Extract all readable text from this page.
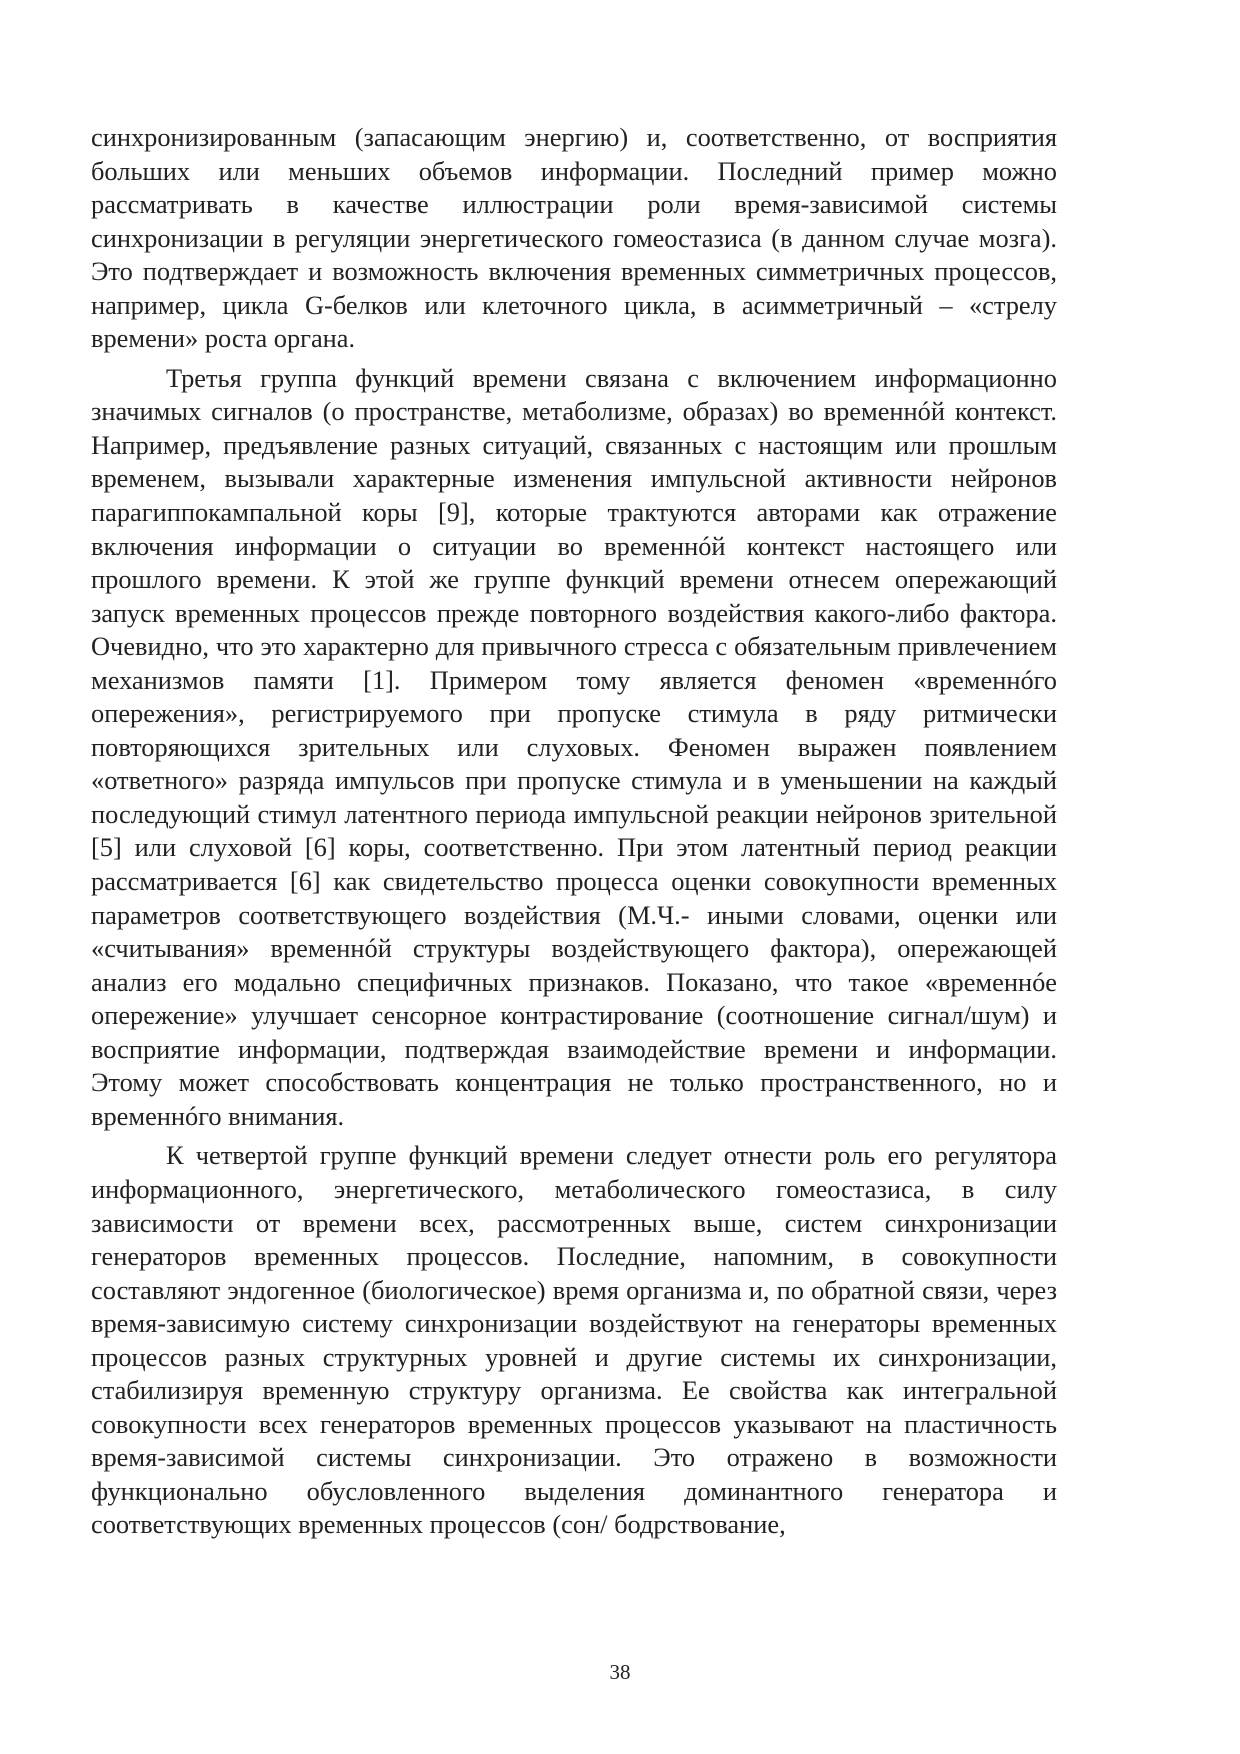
синхронизированным (запасающим энергию) и, соответственно, от восприятия больших или меньших объемов информации. Последний пример можно рассматривать в качестве иллюстрации роли время-зависимой системы синхронизации в регуляции энергетического гомеостазиса (в данном случае мозга). Это подтверждает и возможность включения временных симметричных процессов, например, цикла G-белков или клеточного цикла, в асимметричный – «стрелу времени» роста органа.

Третья группа функций времени связана с включением информационно значимых сигналов (о пространстве, метаболизме, образах) во временнóй контекст. Например, предъявление разных ситуаций, связанных с настоящим или прошлым временем, вызывали характерные изменения импульсной активности нейронов парагиппокампальной коры [9], которые трактуются авторами как отражение включения информации о ситуации во временнóй контекст настоящего или прошлого времени. К этой же группе функций времени отнесем опережающий запуск временных процессов прежде повторного воздействия какого-либо фактора. Очевидно, что это характерно для привычного стресса с обязательным привлечением механизмов памяти [1]. Примером тому является феномен «временнóго опережения», регистрируемого при пропуске стимула в ряду ритмически повторяющихся зрительных или слуховых. Феномен выражен появлением «ответного» разряда импульсов при пропуске стимула и в уменьшении на каждый последующий стимул латентного периода импульсной реакции нейронов зрительной [5] или слуховой [6] коры, соответственно. При этом латентный период реакции рассматривается [6] как свидетельство процесса оценки совокупности временных параметров соответствующего воздействия (М.Ч.- иными словами, оценки или «считывания» временнóй структуры воздействующего фактора), опережающей анализ его модально специфичных признаков. Показано, что такое «временнóе опережение» улучшает сенсорное контрастирование (соотношение сигнал/шум) и восприятие информации, подтверждая взаимодействие времени и информации. Этому может способствовать концентрация не только пространственного, но и временнóго внимания.

К четвертой группе функций времени следует отнести роль его регулятора информационного, энергетического, метаболического гомеостазиса, в силу зависимости от времени всех, рассмотренных выше, систем синхронизации генераторов временных процессов. Последние, напомним, в совокупности составляют эндогенное (биологическое) время организма и, по обратной связи, через время-зависимую систему синхронизации воздействуют на генераторы временных процессов разных структурных уровней и другие системы их синхронизации, стабилизируя временную структуру организма. Ее свойства как интегральной совокупности всех генераторов временных процессов указывают на пластичность время-зависимой системы синхронизации. Это отражено в возможности функционально обусловленного выделения доминантного генератора и соответствующих временных процессов (сон/ бодрствование,

38
